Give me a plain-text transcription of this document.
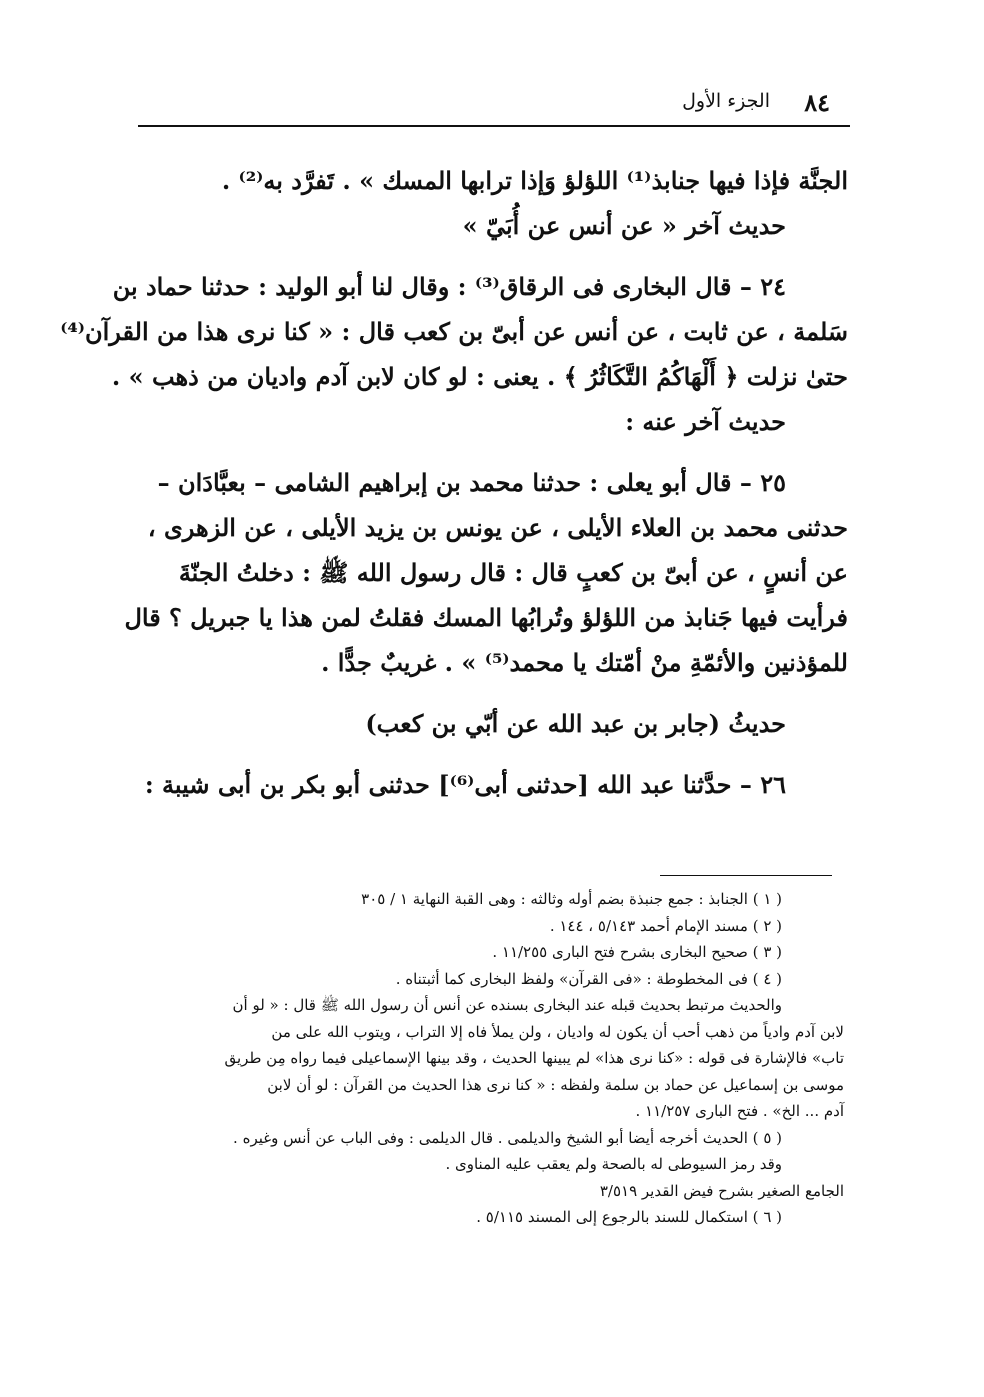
٨٤
الجزء الأول
الجنَّة فإذا فيها جنابذ⁽¹⁾ اللؤلؤ وَإذا ترابها المسك » . تَفرَّد به⁽²⁾ .
حديث آخر « عن أنس عن أُبَيّ »
٢٤ – قال البخارى فى الرقاق⁽³⁾ : وقال لنا أبو الوليد : حدثنا حماد بن
سَلمة ، عن ثابت ، عن أنس عن أبىّ بن كعب قال : « كنا نرى هذا من القرآن⁽⁴⁾
حتىٰ نزلت ﴿ أَلْهَاكُمُ التَّكَاثُرُ ﴾ . يعنى : لو كان لابن آدم واديان من ذهب » .
حديث آخر عنه :
٢٥ – قال أبو يعلى : حدثنا محمد بن إبراهيم الشامى – بعبَّادَان –
حدثنى محمد بن العلاء الأيلى ، عن يونس بن يزيد الأيلى ، عن الزهرى ،
عن أنسٍ ، عن أبىّ بن كعبٍ قال : قال رسول الله ﷺ : دخلتُ الجنّةَ
فرأيت فيها جَنابذ من اللؤلؤ وتُرابُها المسك فقلتُ لمن هذا يا جبريل ؟ قال
للمؤذنين والأئمّةِ منْ أمّتك يا محمد⁽⁵⁾ » . غريبٌ جدًّا .
حديثُ (جابر بن عبد الله عن أبّي بن كعب)
٢٦ – حدَّثنا عبد الله [حدثنى أبى⁽⁶⁾] حدثنى أبو بكر بن أبى شيبة :
( ١ ) الجنابذ : جمع جنبذة بضم أوله وثالثه : وهى القبة النهاية ١ / ٣٠٥
( ٢ ) مسند الإمام أحمد ٥/١٤٣ ، ١٤٤ .
( ٣ ) صحيح البخارى بشرح فتح البارى ١١/٢٥٥ .
( ٤ ) فى المخطوطة : «فى القرآن» ولفظ البخارى كما أثبتناه .
والحديث مرتبط بحديث قبله عند البخارى بسنده عن أنس أن رسول الله ﷺ قال : « لو أن
لابن آدم وادياً من ذهب أحب أن يكون له واديان ، ولن يملأ فاه إلا التراب ، ويتوب الله على من
تاب» فالإشارة فى قوله : «كنا نرى هذا» لم يبينها الحديث ، وقد بينها الإسماعيلى فيما رواه مِن طريق
موسى بن إسماعيل عن حماد بن سلمة ولفظه : « كنا نرى هذا الحديث من القرآن : لو أن لابن
آدم ... الخ» . فتح البارى ١١/٢٥٧ .
( ٥ ) الحديث أخرجه أيضا أبو الشيخ والديلمى . قال الديلمى : وفى الباب عن أنس وغيره .
وقد رمز السيوطى له بالصحة ولم يعقب عليه المناوى .
الجامع الصغير بشرح فيض القدير ٣/٥١٩
( ٦ ) استكمال للسند بالرجوع إلى المسند ٥/١١٥ .
